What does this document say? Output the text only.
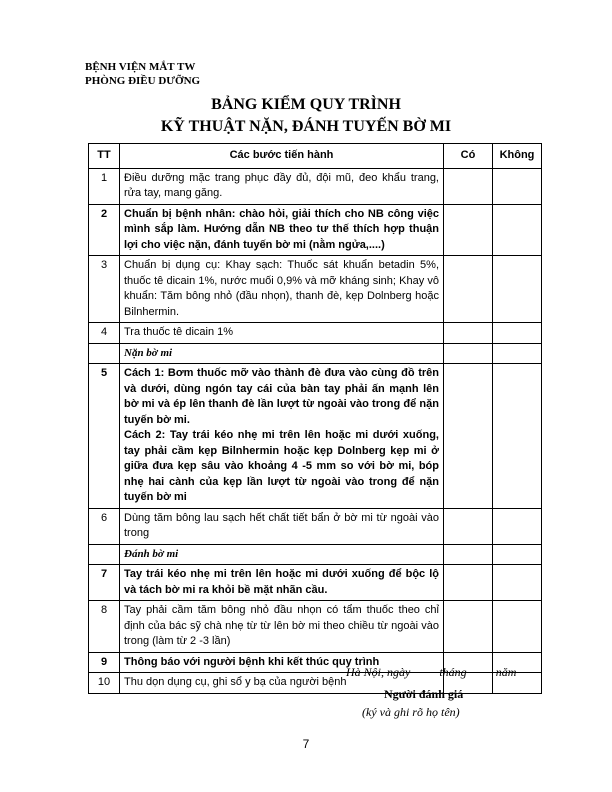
BỆNH VIỆN MẮT TW
PHÒNG ĐIỀU DƯỠNG
BẢNG KIỂM QUY TRÌNH
KỸ THUẬT NẶN, ĐÁNH TUYẾN BỜ MI
TT	Các bước tiến hành	Có	Không
1	Điều dưỡng mặc trang phục đầy đủ, đội mũ, đeo khẩu trang, rửa tay, mang găng.		
2	Chuẩn bị bệnh nhân: chào hỏi, giải thích cho NB công việc mình sắp làm. Hướng dẫn NB theo tư thế thích hợp thuận lợi cho việc nặn, đánh tuyến bờ mi (nằm ngửa,....)		
3	Chuẩn bị dụng cụ: Khay sạch: Thuốc sát khuẩn betadin 5%, thuốc tê dicain 1%, nước muối 0,9% và mỡ kháng sinh; Khay vô khuẩn: Tăm bông nhỏ (đầu nhọn), thanh đè, kẹp Dolnberg hoặc Bilnhermin.		
4	Tra thuốc tê dicain 1%		
	Nặn bờ mi		
5	Cách 1: Bơm thuốc mỡ vào thành đè đưa vào cùng đồ trên và dưới, dùng ngón tay cái của bàn tay phải ấn mạnh lên bờ mi và ép lên thanh đè lần lượt từ ngoài vào trong để nặn tuyến bờ mi.
Cách 2: Tay trái kéo nhẹ mi trên lên hoặc mi dưới xuống, tay phải cầm kẹp Bilnhermin hoặc kẹp Dolnberg kẹp mi ở giữa đưa kẹp sâu vào khoảng 4 -5 mm so với bờ mi, bóp nhẹ hai cành của kẹp lần lượt từ ngoài vào trong để nặn tuyến bờ mi		

6	Dùng tăm bông lau sạch hết chất tiết bẩn ở bờ mi từ ngoài vào trong		
	Đánh bờ mi		
7	Tay trái kéo nhẹ mi trên lên hoặc mi dưới xuống để bộc lộ và tách bờ mi ra khỏi bề mặt nhãn cầu.		
8	Tay phải cầm tăm bông nhỏ đầu nhọn có tẩm thuốc theo chỉ định của bác sỹ chà nhẹ từ từ lên bờ mi theo chiều từ ngoài vào trong (làm từ 2 -3 lần)		
9	Thông báo với người bệnh khi kết thúc quy trình		
10	Thu dọn dụng cụ, ghi sổ y bạ của người bệnh		
Hà Nội, ngày tháng năm
Người đánh giá
(ký và ghi rõ họ tên)
7
